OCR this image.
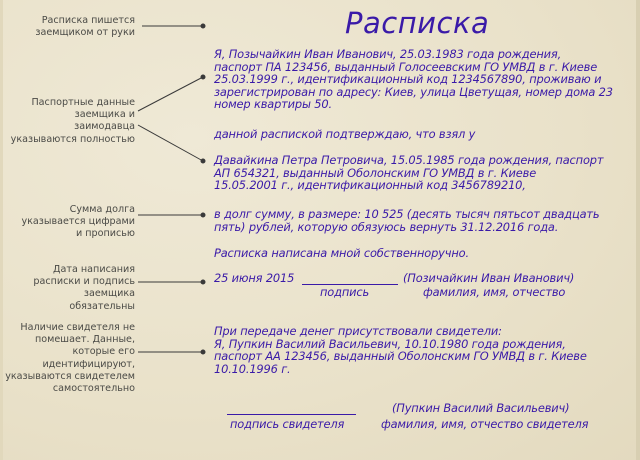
Расписка пишется
заемщиком от руки
Паспортные данные
заемщика и
заимодавца
указываются полностью
Сумма долга
указывается цифрами
и прописью
Дата написания
расписки и подпись
заемщика
обязательны
Наличие свидетеля не
помешает. Данные,
которые его
идентифицируют,
указываются свидетелем
самостоятельно
Расписка
Я, Позычайкин Иван Иванович, 25.03.1983 года рождения,
паспорт ПА 123456, выданный Голосеевским ГО УМВД в г. Киеве
25.03.1999 г., идентификационный код 1234567890, проживаю и
зарегистрирован по адресу: Киев, улица Цветущая, номер дома 23
номер квартиры 50.
данной распиской подтверждаю, что взял у
Давайкина Петра Петровича, 15.05.1985 года рождения, паспорт
АП 654321, выданный Оболонским ГО УМВД в г. Киеве
15.05.2001 г., идентификационный код 3456789210,
в долг сумму, в размере: 10 525 (десять тысяч пятьсот двадцать
пять) рублей, которую обязуюсь вернуть 31.12.2016 года.
Расписка написана мной собственноручно.
25 июня 2015	(Позичайкин Иван Иванович)
подпись	фамилия, имя, отчество
При передаче денег присутствовали свидетели:
Я, Пупкин Василий Васильевич, 10.10.1980 года рождения,
паспорт АА 123456, выданный Оболонским ГО УМВД в г. Киеве
10.10.1996 г.
(Пупкин Василий Васильевич)
подпись свидетеля	фамилия, имя, отчество свидетеля
